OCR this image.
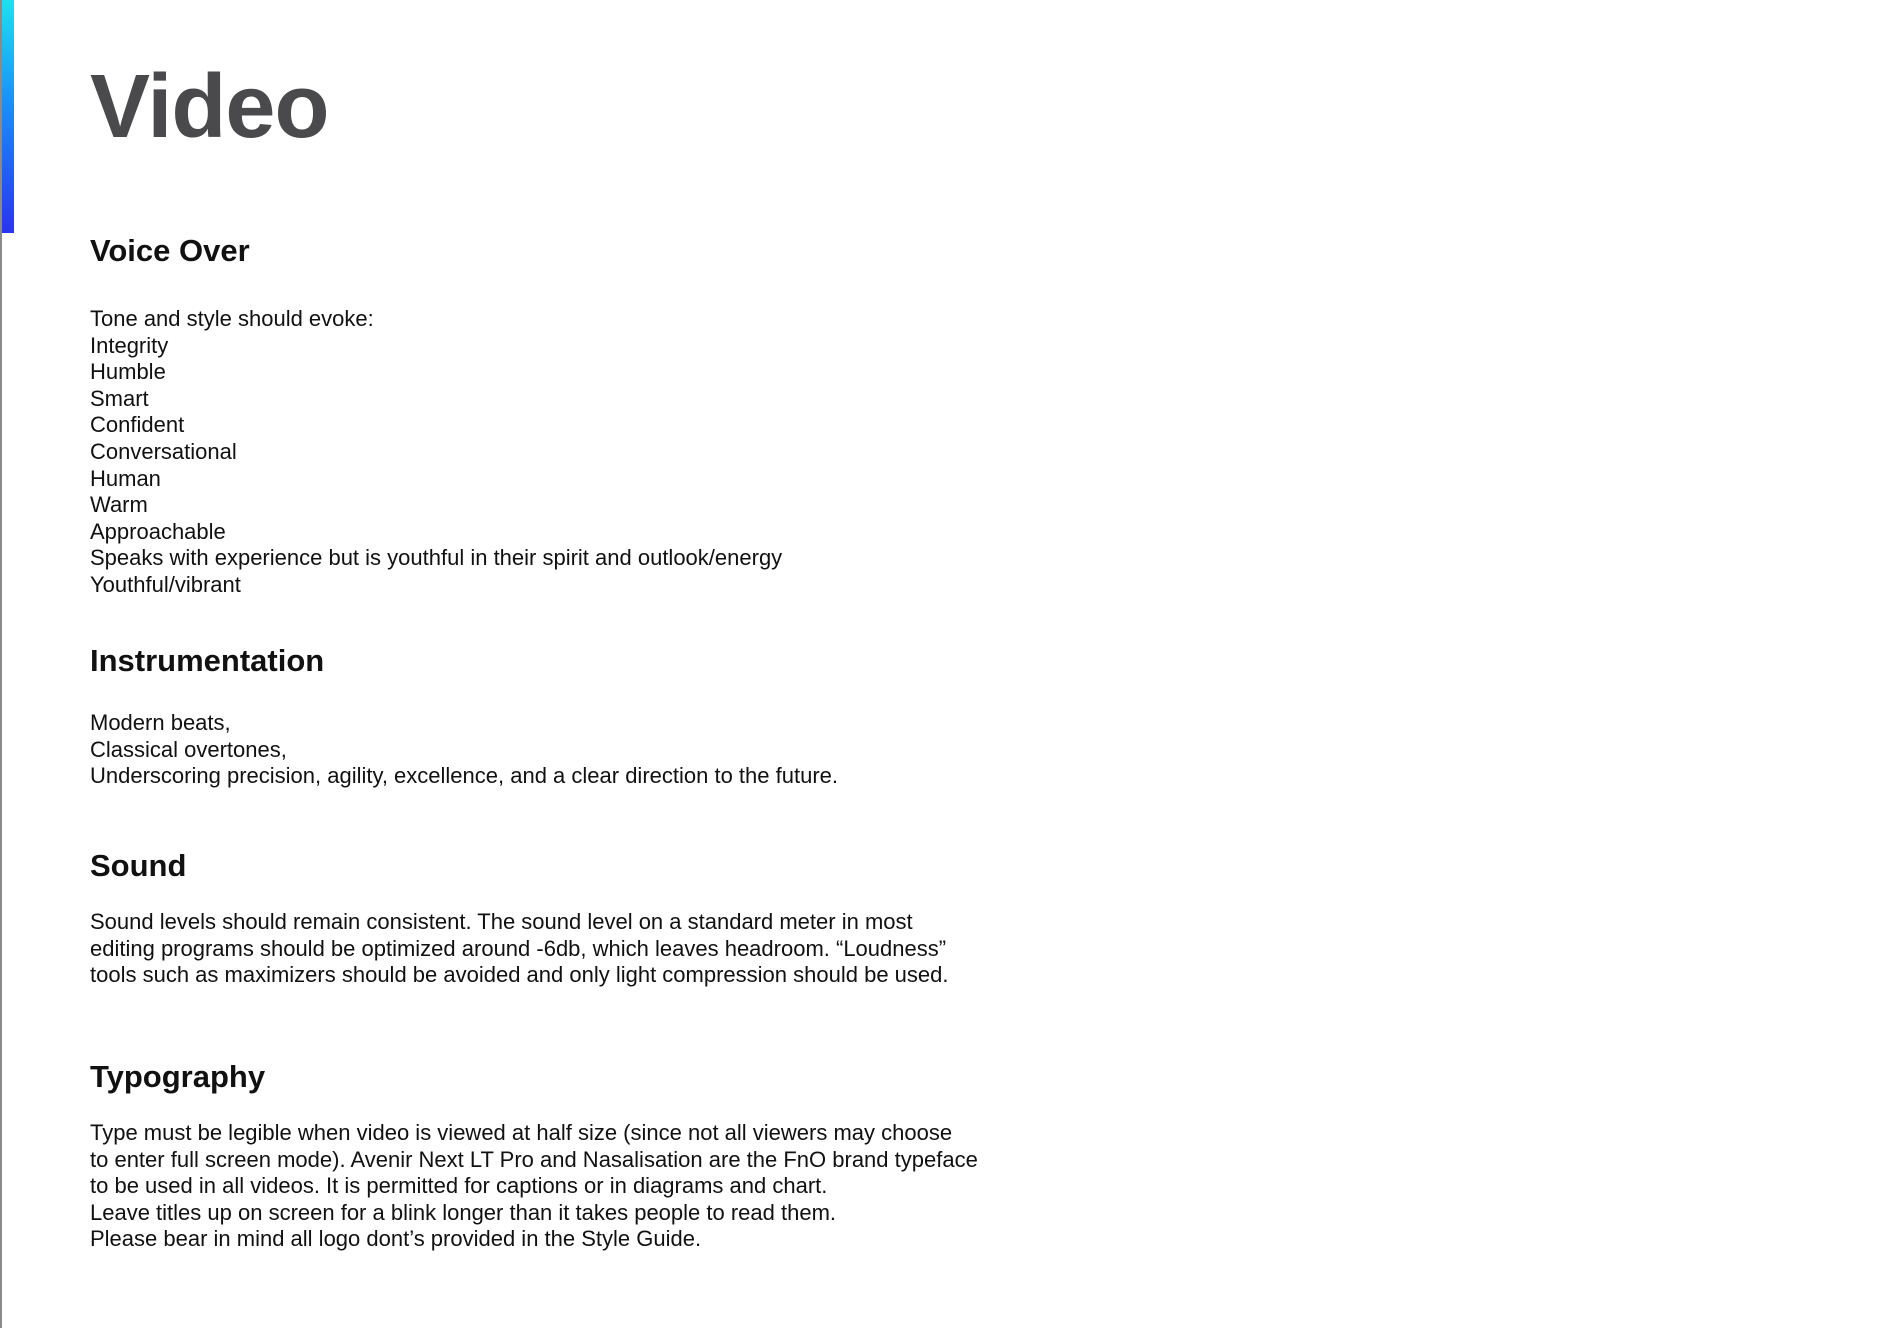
Video
Voice Over
Tone and style should evoke:
Integrity
Humble
Smart
Confident
Conversational
Human
Warm
Approachable
Speaks with experience but is youthful in their spirit and outlook/energy
Youthful/vibrant
Instrumentation
Modern beats,
Classical overtones,
Underscoring precision, agility, excellence, and a clear direction to the future.
Sound
Sound levels should remain consistent. The sound level on a standard meter in most
editing programs should be optimized around -6db, which leaves headroom. “Loudness”
tools such as maximizers should be avoided and only light compression should be used.
Typography
Type must be legible when video is viewed at half size (since not all viewers may choose
to enter full screen mode). Avenir Next LT Pro and Nasalisation are the FnO brand typeface
to be used in all videos. It is permitted for captions or in diagrams and chart.
Leave titles up on screen for a blink longer than it takes people to read them.
Please bear in mind all logo dont’s provided in the Style Guide.
